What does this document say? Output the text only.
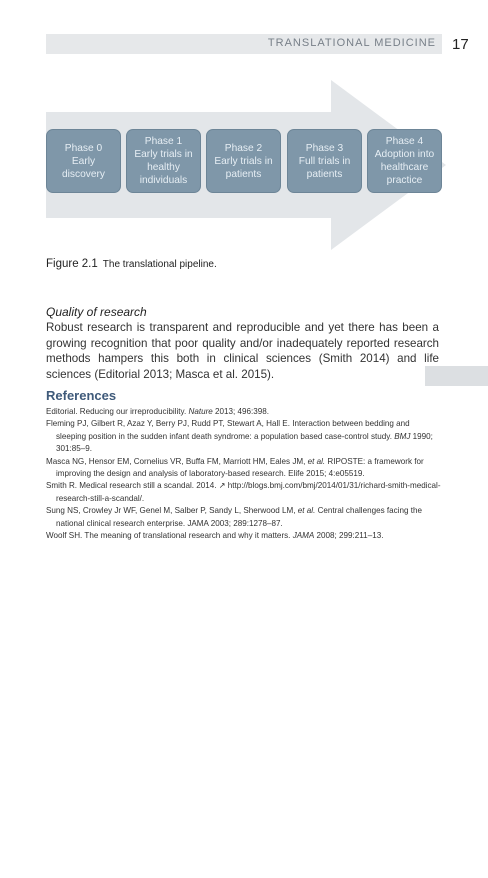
TRANSLATIONAL MEDICINE 17
Phase 0
Early
discovery
Phase 1
Early trials in
healthy
individuals
Phase 2
Early trials in
patients
Phase 3
Full trials in
patients
Phase 4
Adoption into
healthcare
practice
Figure 2.1 The translational pipeline.
Quality of research

Robust research is transparent and reproducible and yet there has been a growing recognition that poor quality and/or inadequately reported research methods hampers this both in clinical sciences (Smith 2014) and life sciences (Editorial 2013; Masca et al. 2015).

References
Editorial. Reducing our irreproducibility. Nature 2013; 496:398.
Fleming PJ, Gilbert R, Azaz Y, Berry PJ, Rudd PT, Stewart A, Hall E. Interaction between bedding and sleeping position in the sudden infant death syndrome: a population based case-control study. BMJ 1990; 301:85–9.
Masca NG, Hensor EM, Cornelius VR, Buffa FM, Marriott HM, Eales JM, et al. RIPOSTE: a framework for improving the design and analysis of laboratory-based research. Elife 2015; 4:e05519.
Smith R. Medical research still a scandal. 2014. ↗ http://blogs.bmj.com/bmj/2014/01/31/richard-smith-medical-research-still-a-scandal/.
Sung NS, Crowley Jr WF, Genel M, Salber P, Sandy L, Sherwood LM, et al. Central challenges facing the national clinical research enterprise. JAMA 2003; 289:1278–87.
Woolf SH. The meaning of translational research and why it matters. JAMA 2008; 299:211–13.
